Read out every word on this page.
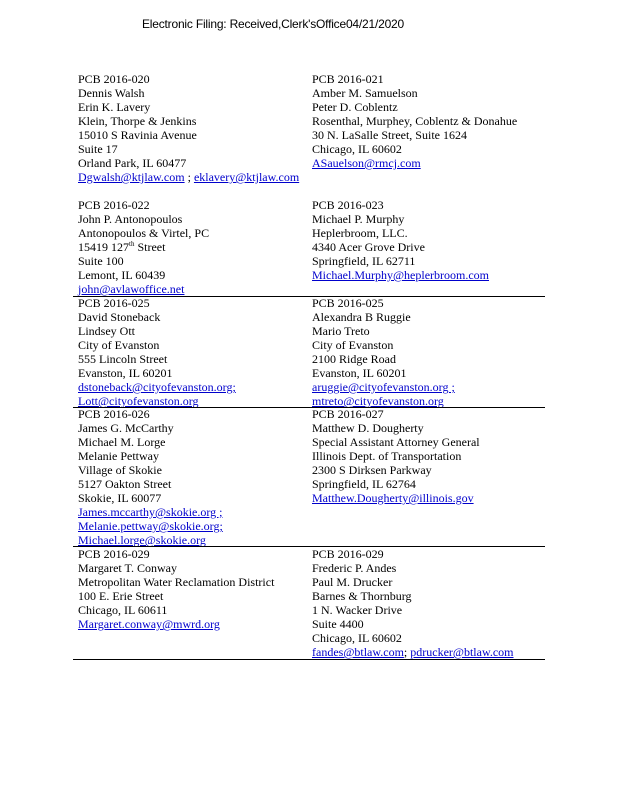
Electronic Filing: Received,Clerk'sOffice04/21/2020
PCB 2016-020
Dennis Walsh
Erin K. Lavery
Klein, Thorpe & Jenkins
15010 S Ravinia Avenue
Suite 17
Orland Park, IL 60477
Dgwalsh@ktjlaw.com ; eklavery@ktjlaw.com
PCB 2016-021
Amber M. Samuelson
Peter D. Coblentz
Rosenthal, Murphey, Coblentz & Donahue
30 N. LaSalle Street, Suite 1624
Chicago, IL 60602
ASauelson@rmcj.com
PCB 2016-022
John P. Antonopoulos
Antonopoulos & Virtel, PC
15419 127th Street
Suite 100
Lemont, IL 60439
john@avlawoffice.net
PCB 2016-023
Michael P. Murphy
Heplerbroom, LLC.
4340 Acer Grove Drive
Springfield, IL 62711
Michael.Murphy@heplerbroom.com
PCB 2016-025
David Stoneback
Lindsey Ott
City of Evanston
555 Lincoln Street
Evanston, IL 60201
dstoneback@cityofevanston.org;
Lott@cityofevanston.org
PCB 2016-025
Alexandra B Ruggie
Mario Treto
City of Evanston
2100 Ridge Road
Evanston, IL 60201
aruggie@cityofevanston.org ;
mtreto@cityofevanston.org
PCB 2016-026
James G. McCarthy
Michael M. Lorge
Melanie Pettway
Village of Skokie
5127 Oakton Street
Skokie, IL 60077
James.mccarthy@skokie.org ;
Melanie.pettway@skokie.org;
Michael.lorge@skokie.org
PCB 2016-027
Matthew D. Dougherty
Special Assistant Attorney General
Illinois Dept. of Transportation
2300 S Dirksen Parkway
Springfield, IL 62764
Matthew.Dougherty@illinois.gov
PCB 2016-029
Margaret T. Conway
Metropolitan Water Reclamation District
100 E. Erie Street
Chicago, IL 60611
Margaret.conway@mwrd.org
PCB 2016-029
Frederic P. Andes
Paul M. Drucker
Barnes & Thornburg
1 N. Wacker Drive
Suite 4400
Chicago, IL 60602
fandes@btlaw.com; pdrucker@btlaw.com
